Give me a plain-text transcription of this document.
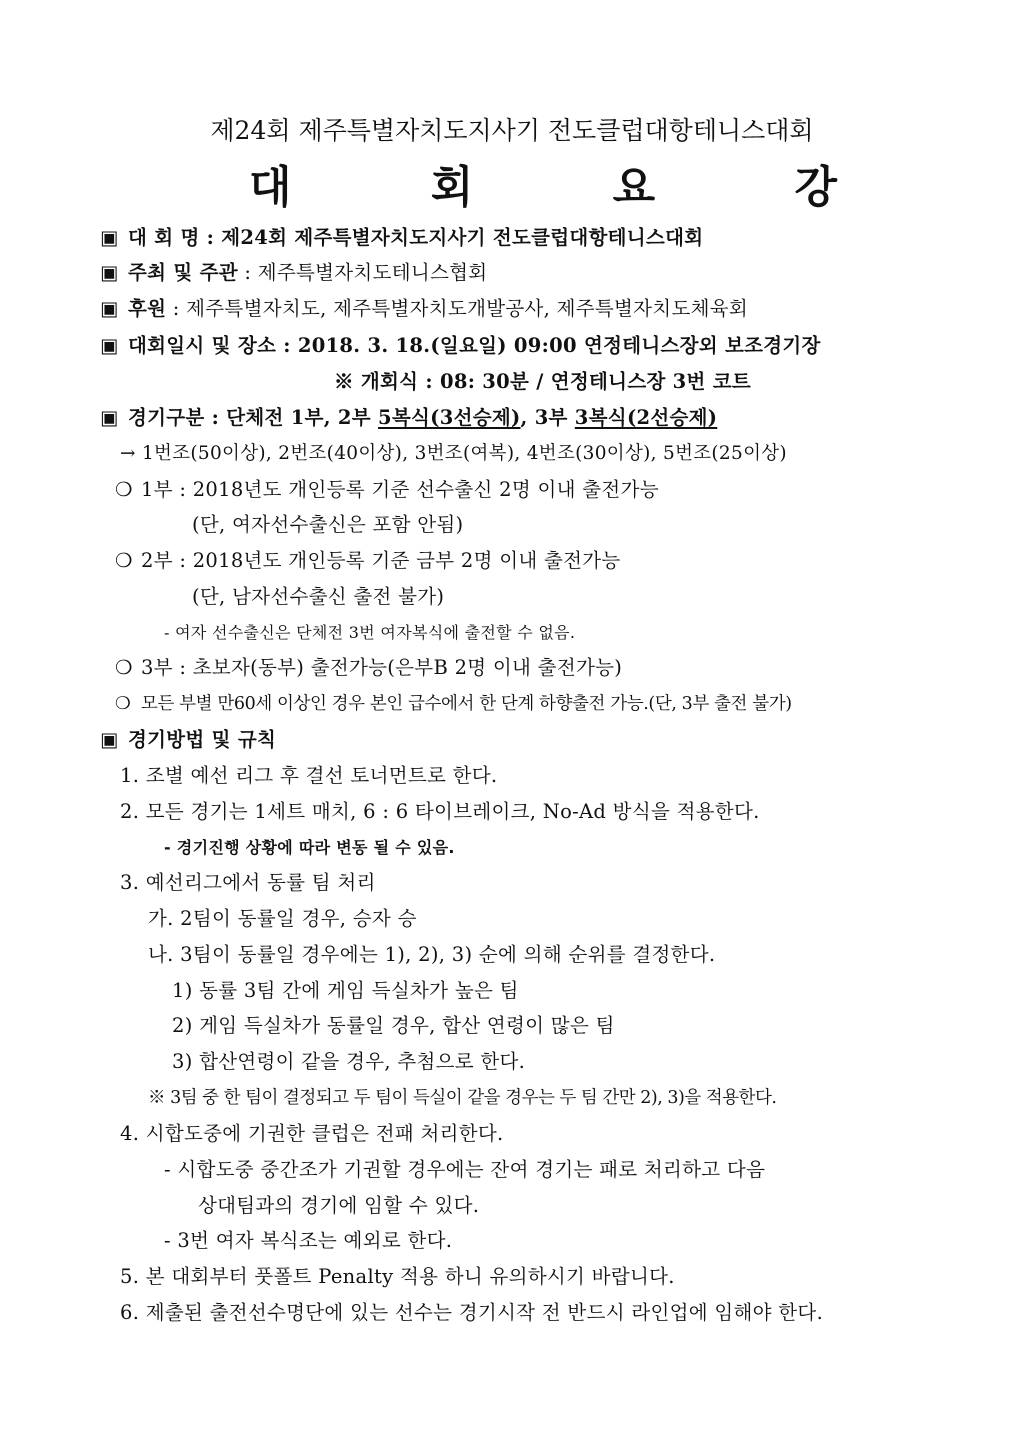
제24회 제주특별자치도지사기 전도클럽대항테니스대회
대 회 요 강
▣ 대 회 명 : 제24회 제주특별자치도지사기 전도클럽대항테니스대회
▣ 주최 및 주관 : 제주특별자치도테니스협회
▣ 후원 : 제주특별자치도, 제주특별자치도개발공사, 제주특별자치도체육회
▣ 대회일시 및 장소 : 2018. 3. 18.(일요일) 09:00 연정테니스장외 보조경기장
※ 개회식 : 08: 30분 / 연정테니스장 3번 코트
▣ 경기구분 : 단체전 1부, 2부 5복식(3선승제), 3부 3복식(2선승제)
→ 1번조(50이상), 2번조(40이상), 3번조(여복), 4번조(30이상), 5번조(25이상)
❍ 1부 : 2018년도 개인등록 기준 선수출신 2명 이내 출전가능
(단, 여자선수출신은 포함 안됨)
❍ 2부 : 2018년도 개인등록 기준 금부 2명 이내 출전가능
(단, 남자선수출신 출전 불가)
- 여자 선수출신은 단체전 3번 여자복식에 출전할 수 없음.
❍ 3부 : 초보자(동부) 출전가능(은부B 2명 이내 출전가능)
❍ 모든 부별 만60세 이상인 경우 본인 급수에서 한 단계 하향출전 가능.(단, 3부 출전 불가)
▣ 경기방법 및 규칙
1. 조별 예선 리그 후 결선 토너먼트로 한다.
2. 모든 경기는 1세트 매치, 6 : 6 타이브레이크, No-Ad 방식을 적용한다.
- 경기진행 상황에 따라 변동 될 수 있음.
3. 예선리그에서 동률 팀 처리
가. 2팀이 동률일 경우, 승자 승
나. 3팀이 동률일 경우에는 1), 2), 3) 순에 의해 순위를 결정한다.
1) 동률 3팀 간에 게임 득실차가 높은 팀
2) 게임 득실차가 동률일 경우, 합산 연령이 많은 팀
3) 합산연령이 같을 경우, 추첨으로 한다.
※ 3팀 중 한 팀이 결정되고 두 팀이 득실이 같을 경우는 두 팀 간만 2), 3)을 적용한다.
4. 시합도중에 기권한 클럽은 전패 처리한다.
- 시합도중 중간조가 기권할 경우에는 잔여 경기는 패로 처리하고 다음
상대팀과의 경기에 임할 수 있다.
- 3번 여자 복식조는 예외로 한다.
5. 본 대회부터 풋폴트 Penalty 적용 하니 유의하시기 바랍니다.
6. 제출된 출전선수명단에 있는 선수는 경기시작 전 반드시 라인업에 임해야 한다.
